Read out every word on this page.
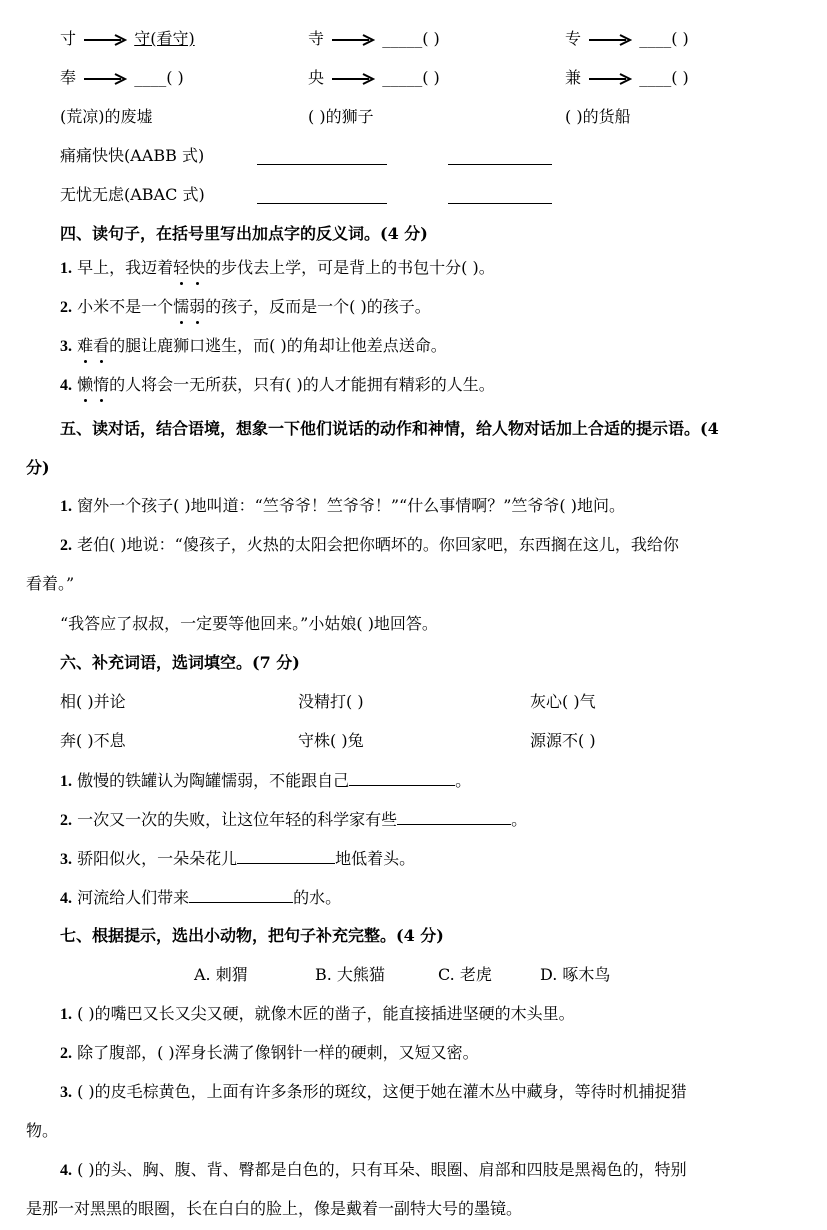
寸	守(看守)	寺	_____( )	专	____( )
奉	____( )	央	_____( )	兼	____( )
(荒凉)的废墟	( )的狮子	( )的货船
痛痛快快(AABB 式)
无忧无虑(ABAC 式)
四、读句子，在括号里写出加点字的反义词。(4 分)
1. 早上，我迈着轻快的步伐去上学，可是背上的书包十分( )。
2. 小米不是一个懦弱的孩子，反而是一个( )的孩子。
3. 难看的腿让鹿狮口逃生，而( )的角却让他差点送命。
4. 懒惰的人将会一无所获，只有( )的人才能拥有精彩的人生。
五、读对话，结合语境，想象一下他们说话的动作和神情，给人物对话加上合适的提示语。(4
分)
1. 窗外一个孩子( )地叫道：“竺爷爷！竺爷爷！”“什么事情啊？”竺爷爷( )地问。
2. 老伯( )地说：“傻孩子，火热的太阳会把你晒坏的。你回家吧，东西搁在这儿，我给你
看着。”
“我答应了叔叔，一定要等他回来。”小姑娘( )地回答。
六、补充词语，选词填空。(7 分)
相( )并论	没精打( )	灰心( )气
奔( )不息	守株( )兔	源源不( )
1. 傲慢的铁罐认为陶罐懦弱，不能跟自己	。
2. 一次又一次的失败，让这位年轻的科学家有些	。
3. 骄阳似火，一朵朵花儿	地低着头。
4. 河流给人们带来	的水。
七、根据提示，选出小动物，把句子补充完整。(4 分)
A. 刺猬	B. 大熊猫	C. 老虎	D. 啄木鸟
1. ( )的嘴巴又长又尖又硬，就像木匠的凿子，能直接插进坚硬的木头里。
2. 除了腹部，( )浑身长满了像钢针一样的硬刺，又短又密。
3. ( )的皮毛棕黄色，上面有许多条形的斑纹，这便于她在灌木丛中藏身，等待时机捕捉猎
物。
4. ( )的头、胸、腹、背、臀都是白色的，只有耳朵、眼圈、肩部和四肢是黑褐色的，特别
是那一对黑黑的眼圈，长在白白的脸上，像是戴着一副特大号的墨镜。
